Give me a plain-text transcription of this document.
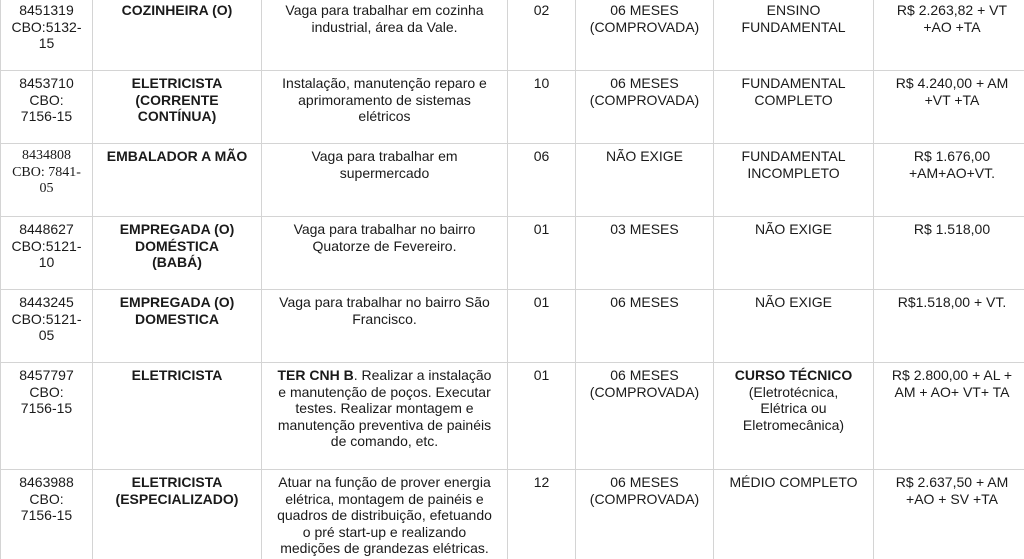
8451319
CBO:5132-
15	COZINHEIRA (O)	Vaga para trabalhar em cozinha industrial, área da Vale.	02	06 MESES
(COMPROVADA)	ENSINO
FUNDAMENTAL	R$ 2.263,82 + VT
+AO +TA

8453710
CBO:
7156-15	ELETRICISTA
(CORRENTE
CONTÍNUA)	Instalação, manutenção reparo e aprimoramento de sistemas elétricos	10	06 MESES
(COMPROVADA)	FUNDAMENTAL
COMPLETO	R$ 4.240,00 + AM
+VT +TA

8434808
CBO: 7841-
05	EMBALADOR A MÃO	Vaga para trabalhar em supermercado	06	NÃO EXIGE	FUNDAMENTAL
INCOMPLETO	R$ 1.676,00
+AM+AO+VT.

8448627
CBO:5121-
10	EMPREGADA (O)
DOMÉSTICA
(BABÁ)	Vaga para trabalhar no bairro Quatorze de Fevereiro.	01	03 MESES	NÃO EXIGE	R$ 1.518,00

8443245
CBO:5121-
05	EMPREGADA (O)
DOMESTICA	Vaga para trabalhar no bairro São Francisco.	01	06 MESES	NÃO EXIGE	R$1.518,00 + VT.

8457797
CBO:
7156-15	ELETRICISTA	TER CNH B. Realizar a instalação e manutenção de poços. Executar testes. Realizar montagem e manutenção preventiva de painéis de comando, etc.	01	06 MESES
(COMPROVADA)	CURSO TÉCNICO
(Eletrotécnica,
Elétrica ou
Eletromecânica)	R$ 2.800,00 + AL +
AM + AO+ VT+ TA

8463988
CBO:
7156-15	ELETRICISTA
(ESPECIALIZADO)	Atuar na função de prover energia elétrica, montagem de painéis e quadros de distribuição, efetuando o pré start-up e realizando medições de grandezas elétricas.	12	06 MESES
(COMPROVADA)	MÉDIO COMPLETO	R$ 2.637,50 + AM
+AO + SV +TA
